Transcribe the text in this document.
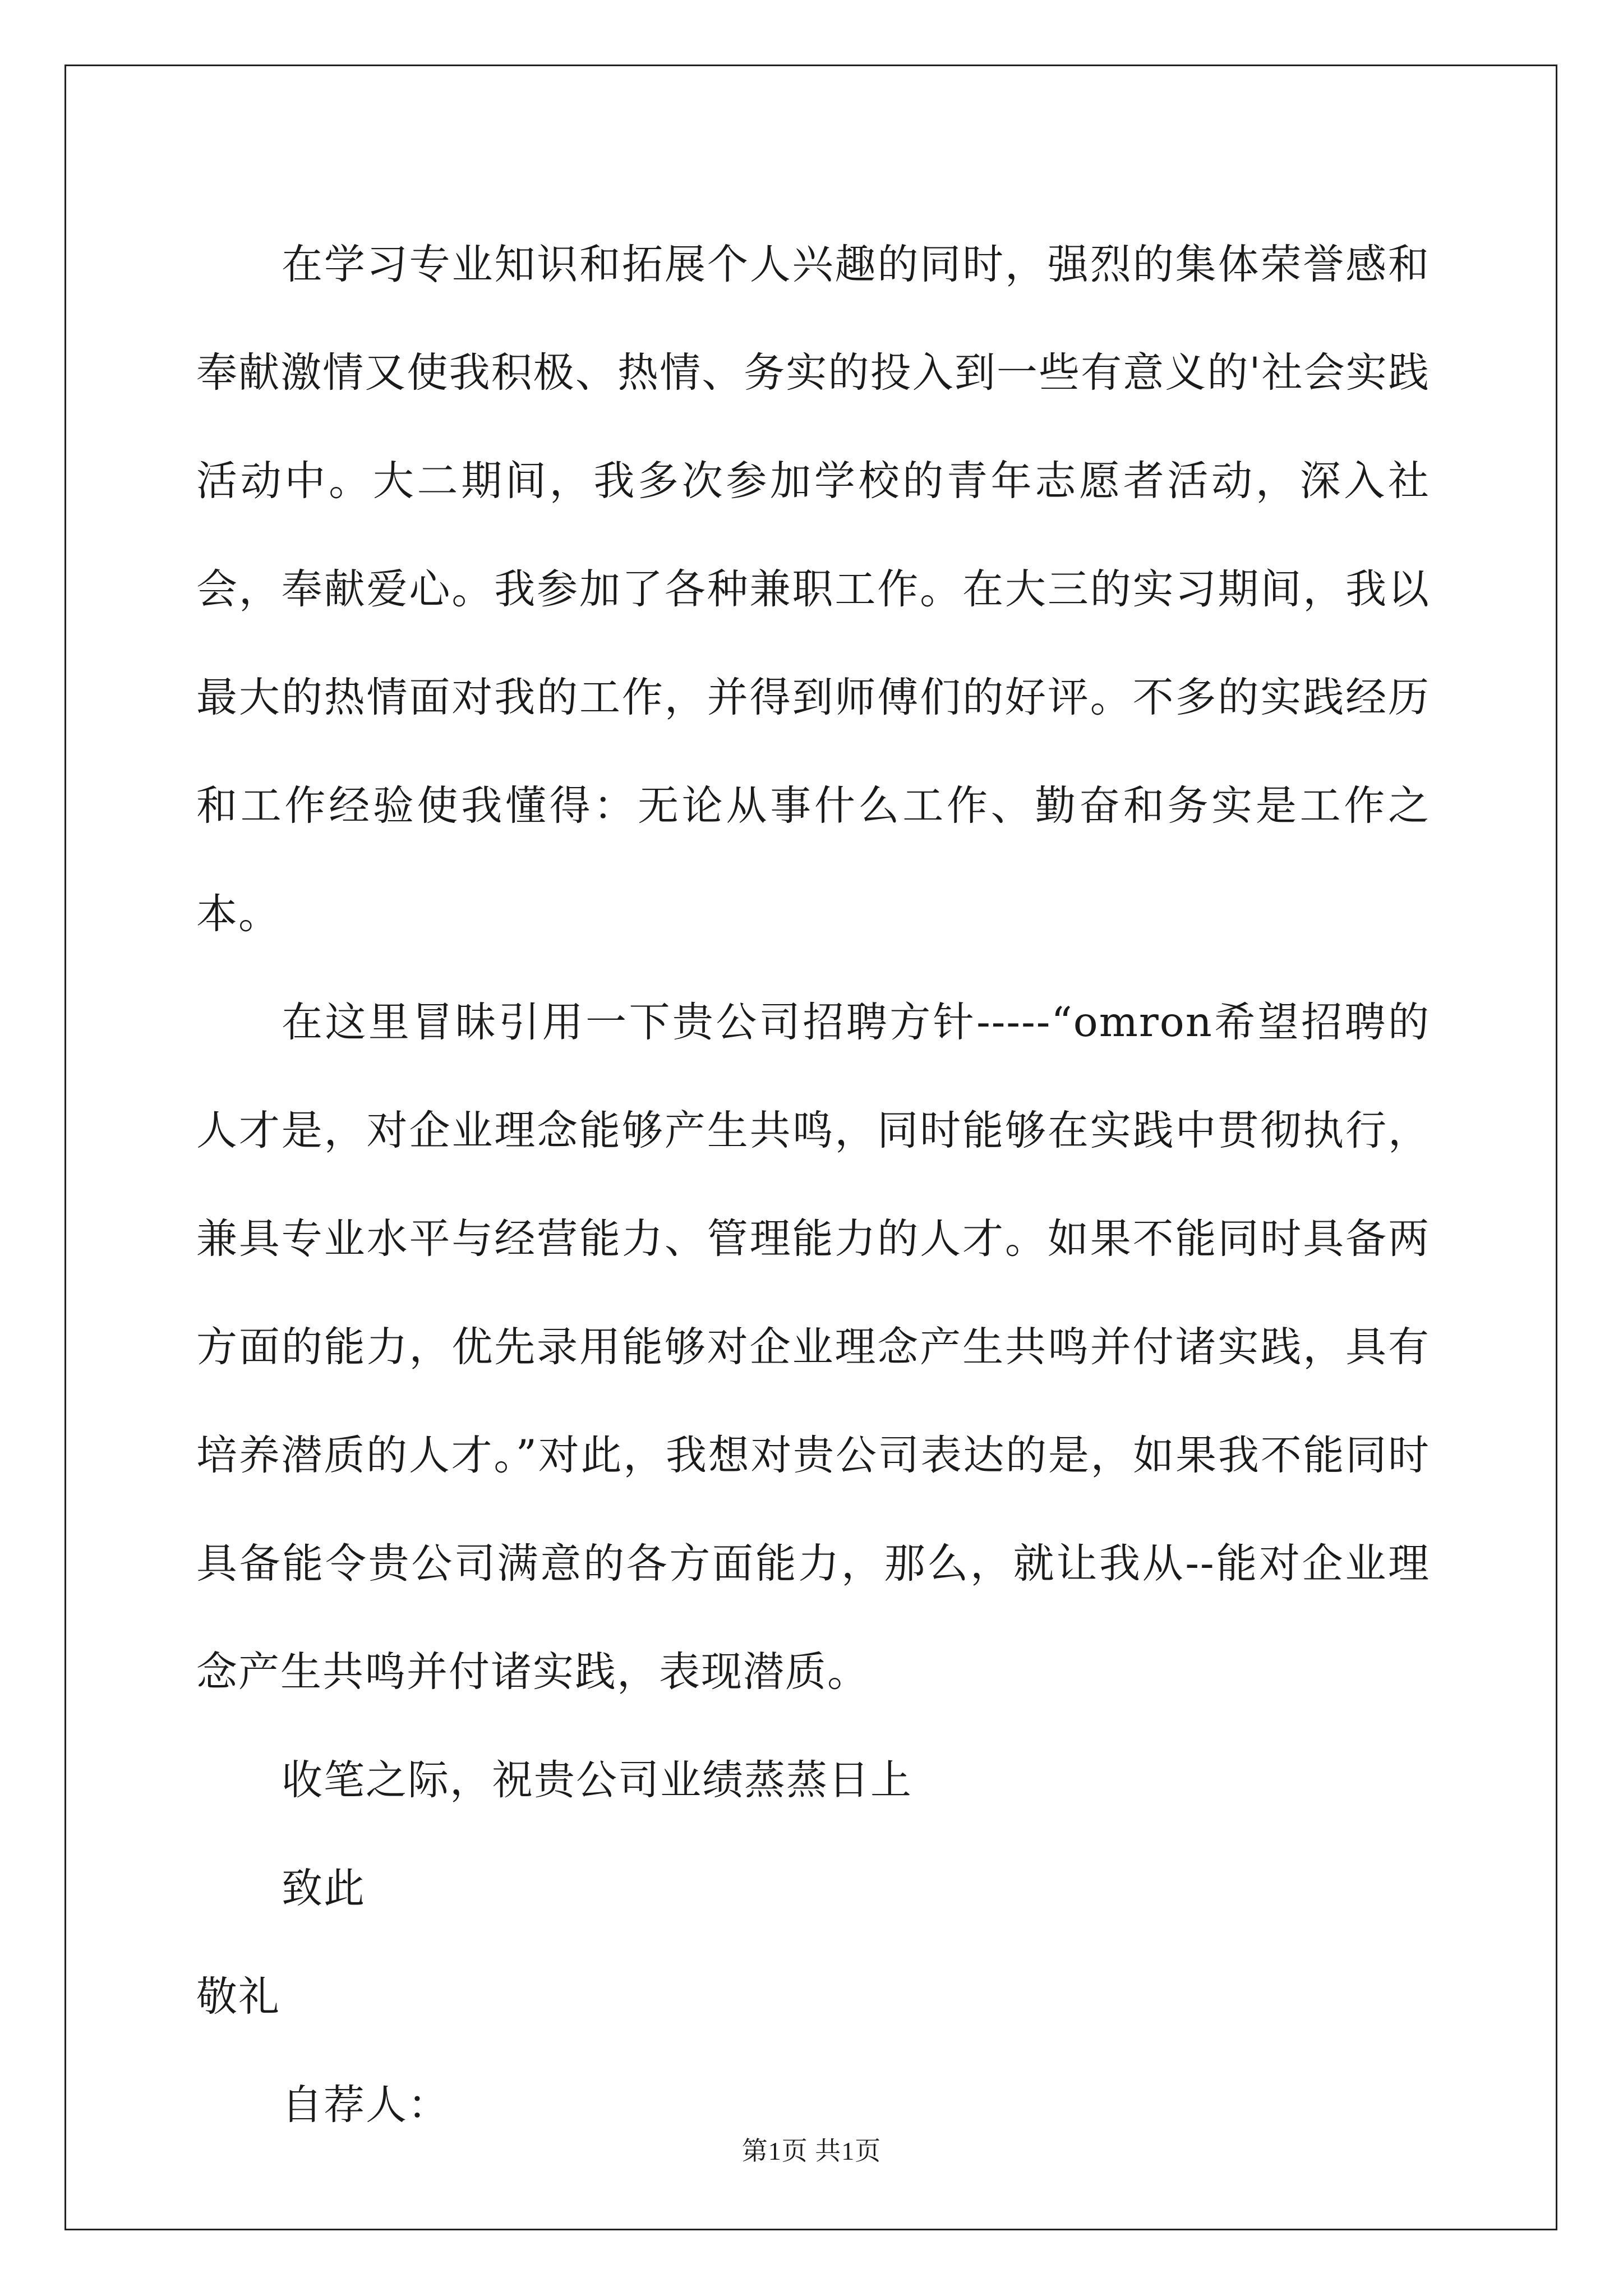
在学习专业知识和拓展个人兴趣的同时，强烈的集体荣誉感和奉献激情又使我积极、热情、务实的投入到一些有意义的'社会实践活动中。大二期间，我多次参加学校的青年志愿者活动，深入社会，奉献爱心。我参加了各种兼职工作。在大三的实习期间，我以最大的热情面对我的工作，并得到师傅们的好评。不多的实践经历和工作经验使我懂得：无论从事什么工作、勤奋和务实是工作之本。

在这里冒昧引用一下贵公司招聘方针-----“omron希望招聘的人才是，对企业理念能够产生共鸣，同时能够在实践中贯彻执行，兼具专业水平与经营能力、管理能力的人才。如果不能同时具备两方面的能力，优先录用能够对企业理念产生共鸣并付诸实践，具有培养潜质的人才。”对此，我想对贵公司表达的是，如果我不能同时具备能令贵公司满意的各方面能力，那么，就让我从--能对企业理念产生共鸣并付诸实践，表现潜质。

收笔之际，祝贵公司业绩蒸蒸日上
致此
敬礼
自荐人：
第1页 共1页
